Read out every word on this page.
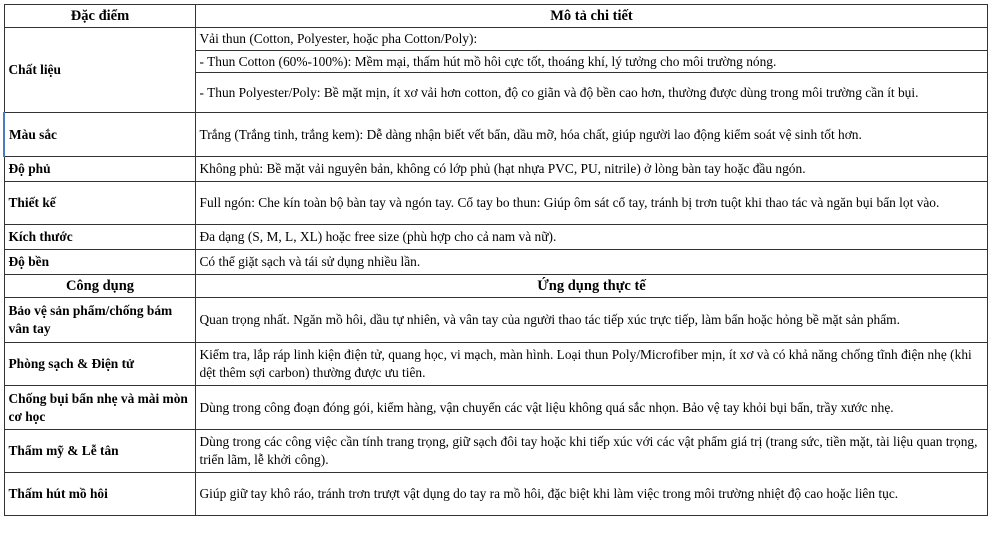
Đặc điểm	Mô tả chi tiết
Chất liệu	Vải thun (Cotton, Polyester, hoặc pha Cotton/Poly):
	- Thun Cotton (60%-100%): Mềm mại, thấm hút mồ hôi cực tốt, thoáng khí, lý tưởng cho môi trường nóng.
	- Thun Polyester/Poly: Bề mặt mịn, ít xơ vải hơn cotton, độ co giãn và độ bền cao hơn, thường được dùng trong môi trường cần ít bụi.
Màu sắc	Trắng (Trắng tinh, trắng kem): Dễ dàng nhận biết vết bẩn, dầu mỡ, hóa chất, giúp người lao động kiểm soát vệ sinh tốt hơn.
Độ phủ	Không phủ: Bề mặt vải nguyên bản, không có lớp phủ (hạt nhựa PVC, PU, nitrile) ở lòng bàn tay hoặc đầu ngón.
Thiết kế	Full ngón: Che kín toàn bộ bàn tay và ngón tay. Cổ tay bo thun: Giúp ôm sát cổ tay, tránh bị trơn tuột khi thao tác và ngăn bụi bẩn lọt vào.
Kích thước	Đa dạng (S, M, L, XL) hoặc free size (phù hợp cho cả nam và nữ).
Độ bền	Có thể giặt sạch và tái sử dụng nhiều lần.
Công dụng	Ứng dụng thực tế
Bảo vệ sản phẩm/chống bám vân tay	Quan trọng nhất. Ngăn mồ hôi, dầu tự nhiên, và vân tay của người thao tác tiếp xúc trực tiếp, làm bẩn hoặc hỏng bề mặt sản phẩm.
Phòng sạch & Điện tử	Kiểm tra, lắp ráp linh kiện điện tử, quang học, vi mạch, màn hình. Loại thun Poly/Microfiber mịn, ít xơ và có khả năng chống tĩnh điện nhẹ (khi dệt thêm sợi carbon) thường được ưu tiên.
Chống bụi bẩn nhẹ và mài mòn cơ học	Dùng trong công đoạn đóng gói, kiểm hàng, vận chuyển các vật liệu không quá sắc nhọn. Bảo vệ tay khỏi bụi bẩn, trầy xước nhẹ.
Thẩm mỹ & Lễ tân	Dùng trong các công việc cần tính trang trọng, giữ sạch đôi tay hoặc khi tiếp xúc với các vật phẩm giá trị (trang sức, tiền mặt, tài liệu quan trọng, triển lãm, lễ khởi công).
Thấm hút mồ hôi	Giúp giữ tay khô ráo, tránh trơn trượt vật dụng do tay ra mồ hôi, đặc biệt khi làm việc trong môi trường nhiệt độ cao hoặc liên tục.
